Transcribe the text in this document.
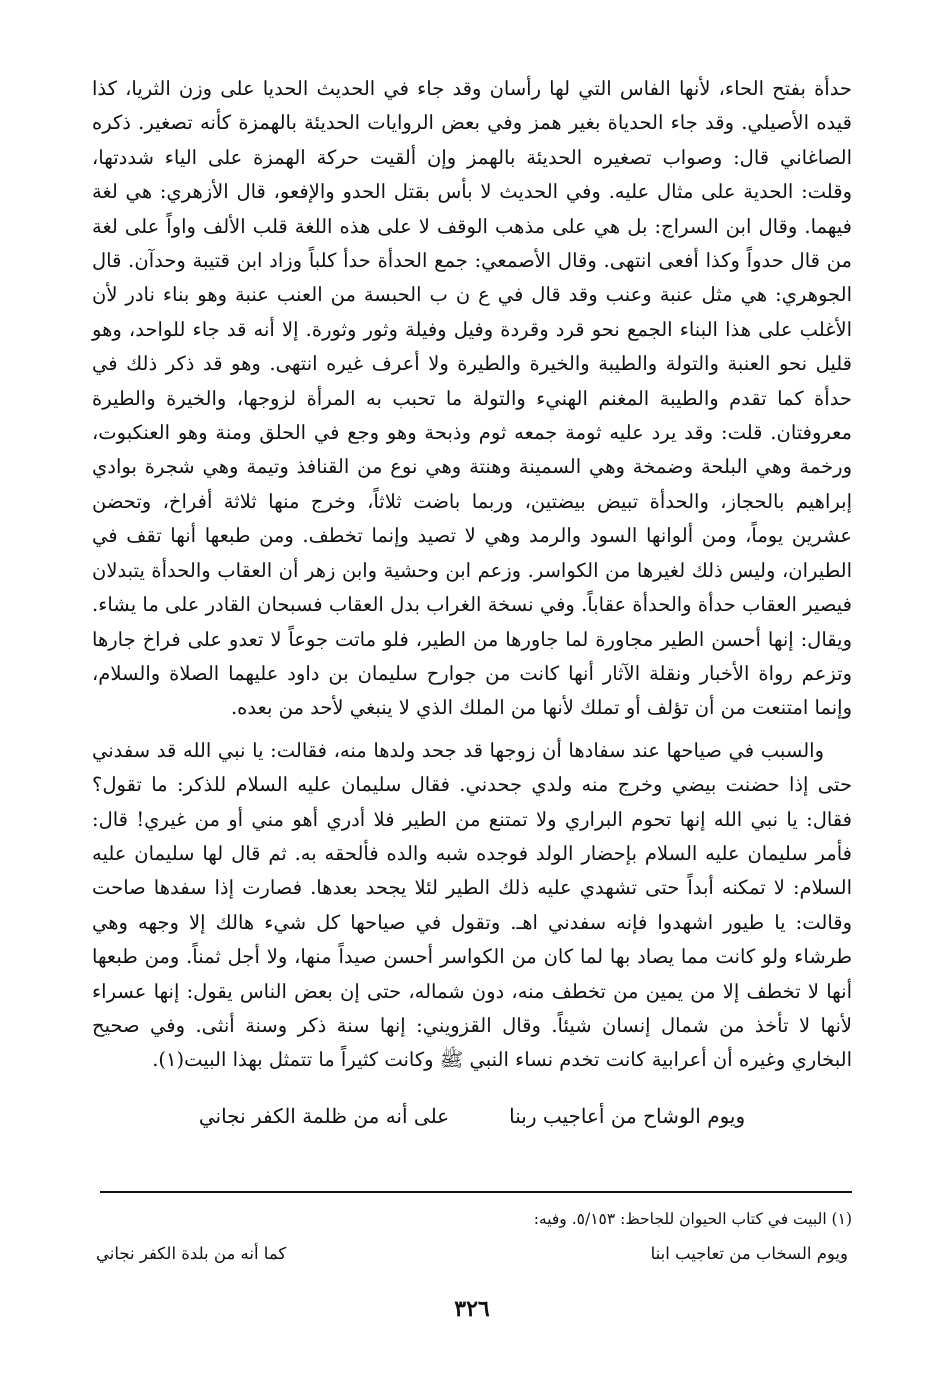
حدأة بفتح الحاء، لأنها الفاس التي لها رأسان وقد جاء في الحديث الحديا على وزن الثريا، كذا قيده الأصيلي. وقد جاء الحدياة بغير همز وفي بعض الروايات الحديئة بالهمزة كأنه تصغير. ذكره الصاغاني قال: وصواب تصغيره الحديئة بالهمز وإن ألقيت حركة الهمزة على الياء شددتها، وقلت: الحدية على مثال عليه. وفي الحديث لا بأس بقتل الحدو والإفعو، قال الأزهري: هي لغة فيهما. وقال ابن السراج: بل هي على مذهب الوقف لا على هذه اللغة قلب الألف واواً على لغة من قال حدواً وكذا أفعى انتهى. وقال الأصمعي: جمع الحدأة حدأ كلباً وزاد ابن قتيبة وحدآن. قال الجوهري: هي مثل عنبة وعنب وقد قال في ع ن ب الحبسة من العنب عنبة وهو بناء نادر لأن الأغلب على هذا البناء الجمع نحو قرد وقردة وفيل وفيلة وثور وثورة. إلا أنه قد جاء للواحد، وهو قليل نحو العنبة والتولة والطيبة والخيرة والطيرة ولا أعرف غيره انتهى. وهو قد ذكر ذلك في حدأة كما تقدم والطيبة المغنم الهنيء والتولة ما تحبب به المرأة لزوجها، والخيرة والطيرة معروفتان. قلت: وقد يرد عليه ثومة جمعه ثوم وذبحة وهو وجع في الحلق ومنة وهو العنكبوت، ورخمة وهي البلحة وضمخة وهي السمينة وهنتة وهي نوع من القنافذ وتيمة وهي شجرة بوادي إبراهيم بالحجاز، والحدأة تبيض بيضتين، وربما باضت ثلاثاً، وخرج منها ثلاثة أفراخ، وتحضن عشرين يوماً، ومن ألوانها السود والرمد وهي لا تصيد وإنما تخطف. ومن طبعها أنها تقف في الطيران، وليس ذلك لغيرها من الكواسر. وزعم ابن وحشية وابن زهر أن العقاب والحدأة يتبدلان فيصير العقاب حدأة والحدأة عقاباً. وفي نسخة الغراب بدل العقاب فسبحان القادر على ما يشاء. ويقال: إنها أحسن الطير مجاورة لما جاورها من الطير، فلو ماتت جوعاً لا تعدو على فراخ جارها وتزعم رواة الأخبار ونقلة الآثار أنها كانت من جوارح سليمان بن داود عليهما الصلاة والسلام، وإنما امتنعت من أن تؤلف أو تملك لأنها من الملك الذي لا ينبغي لأحد من بعده.

والسبب في صياحها عند سفادها أن زوجها قد جحد ولدها منه، فقالت: يا نبي الله قد سفدني حتى إذا حضنت بيضي وخرج منه ولدي جحدني. فقال سليمان عليه السلام للذكر: ما تقول؟ فقال: يا نبي الله إنها تحوم البراري ولا تمتنع من الطير فلا أدري أهو مني أو من غيري! قال: فأمر سليمان عليه السلام بإحضار الولد فوجده شبه والده فألحقه به. ثم قال لها سليمان عليه السلام: لا تمكنه أبداً حتى تشهدي عليه ذلك الطير لئلا يجحد بعدها. فصارت إذا سفدها صاحت وقالت: يا طيور اشهدوا فإنه سفدني اهـ. وتقول في صياحها كل شيء هالك إلا وجهه وهي طرشاء ولو كانت مما يصاد بها لما كان من الكواسر أحسن صيداً منها، ولا أجل ثمناً. ومن طبعها أنها لا تخطف إلا من يمين من تخطف منه، دون شماله، حتى إن بعض الناس يقول: إنها عسراء لأنها لا تأخذ من شمال إنسان شيئاً. وقال القزويني: إنها سنة ذكر وسنة أنثى. وفي صحيح البخاري وغيره أن أعرابية كانت تخدم نساء النبي ﷺ وكانت كثيراً ما تتمثل بهذا البيت(١).

ويوم الوشاح من أعاجيب ربنا
على أنه من ظلمة الكفر نجاني
(١) البيت في كتاب الحيوان للجاحظ: ٥/١٥٣. وفيه:
ويوم السخاب من تعاجيب ابنا
كما أنه من بلدة الكفر نجاني
٣٢٦
